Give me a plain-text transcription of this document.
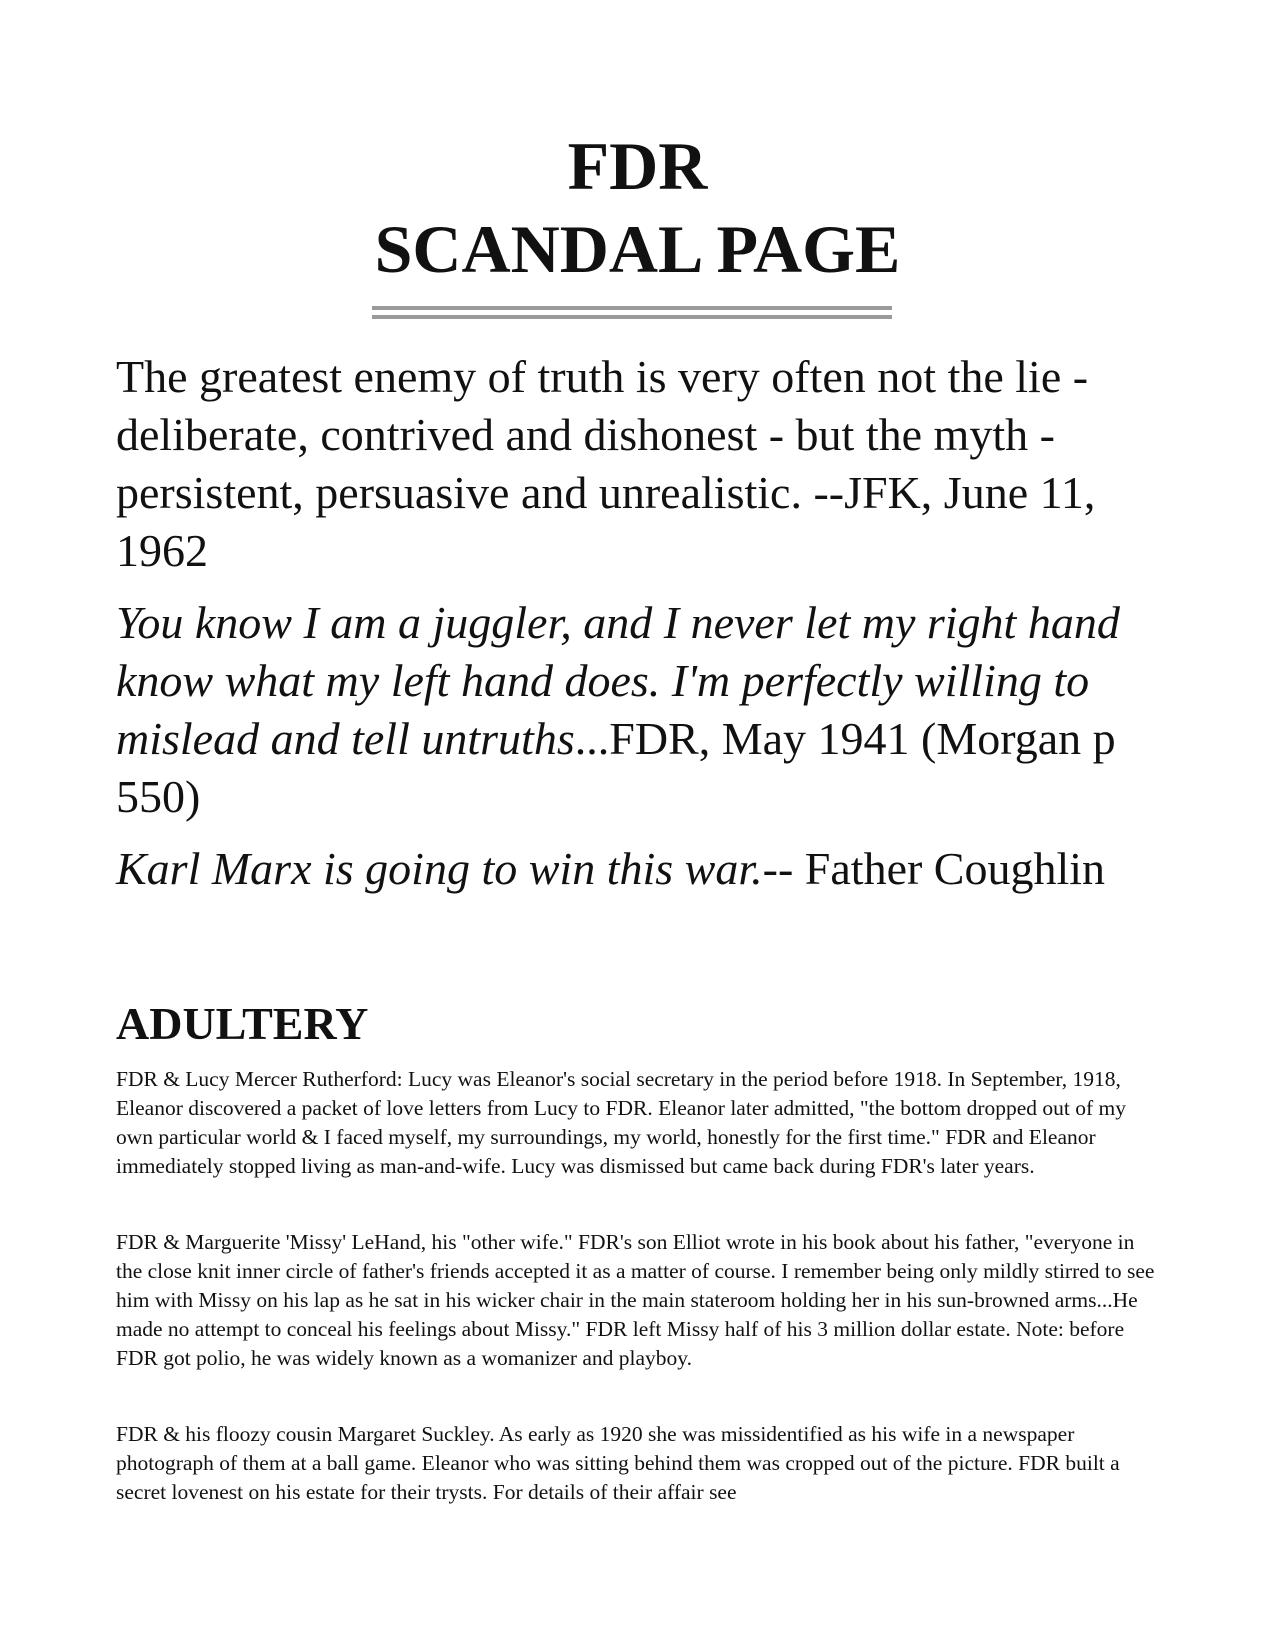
FDR
SCANDAL PAGE

The greatest enemy of truth is very often not the lie - deliberate, contrived and dishonest - but the myth - persistent, persuasive and unrealistic. --JFK, June 11, 1962

You know I am a juggler, and I never let my right hand know what my left hand does. I'm perfectly willing to mislead and tell untruths...FDR, May 1941 (Morgan p 550)

Karl Marx is going to win this war.-- Father Coughlin

ADULTERY

FDR & Lucy Mercer Rutherford: Lucy was Eleanor's social secretary in the period before 1918. In September, 1918, Eleanor discovered a packet of love letters from Lucy to FDR. Eleanor later admitted, "the bottom dropped out of my own particular world & I faced myself, my surroundings, my world, honestly for the first time." FDR and Eleanor immediately stopped living as man-and-wife. Lucy was dismissed but came back during FDR's later years.

FDR & Marguerite 'Missy' LeHand, his "other wife." FDR's son Elliot wrote in his book about his father, "everyone in the close knit inner circle of father's friends accepted it as a matter of course. I remember being only mildly stirred to see him with Missy on his lap as he sat in his wicker chair in the main stateroom holding her in his sun-browned arms...He made no attempt to conceal his feelings about Missy." FDR left Missy half of his 3 million dollar estate. Note: before FDR got polio, he was widely known as a womanizer and playboy.

FDR & his floozy cousin Margaret Suckley. As early as 1920 she was missidentified as his wife in a newspaper photograph of them at a ball game. Eleanor who was sitting behind them was cropped out of the picture. FDR built a secret lovenest on his estate for their trysts. For details of their affair see
